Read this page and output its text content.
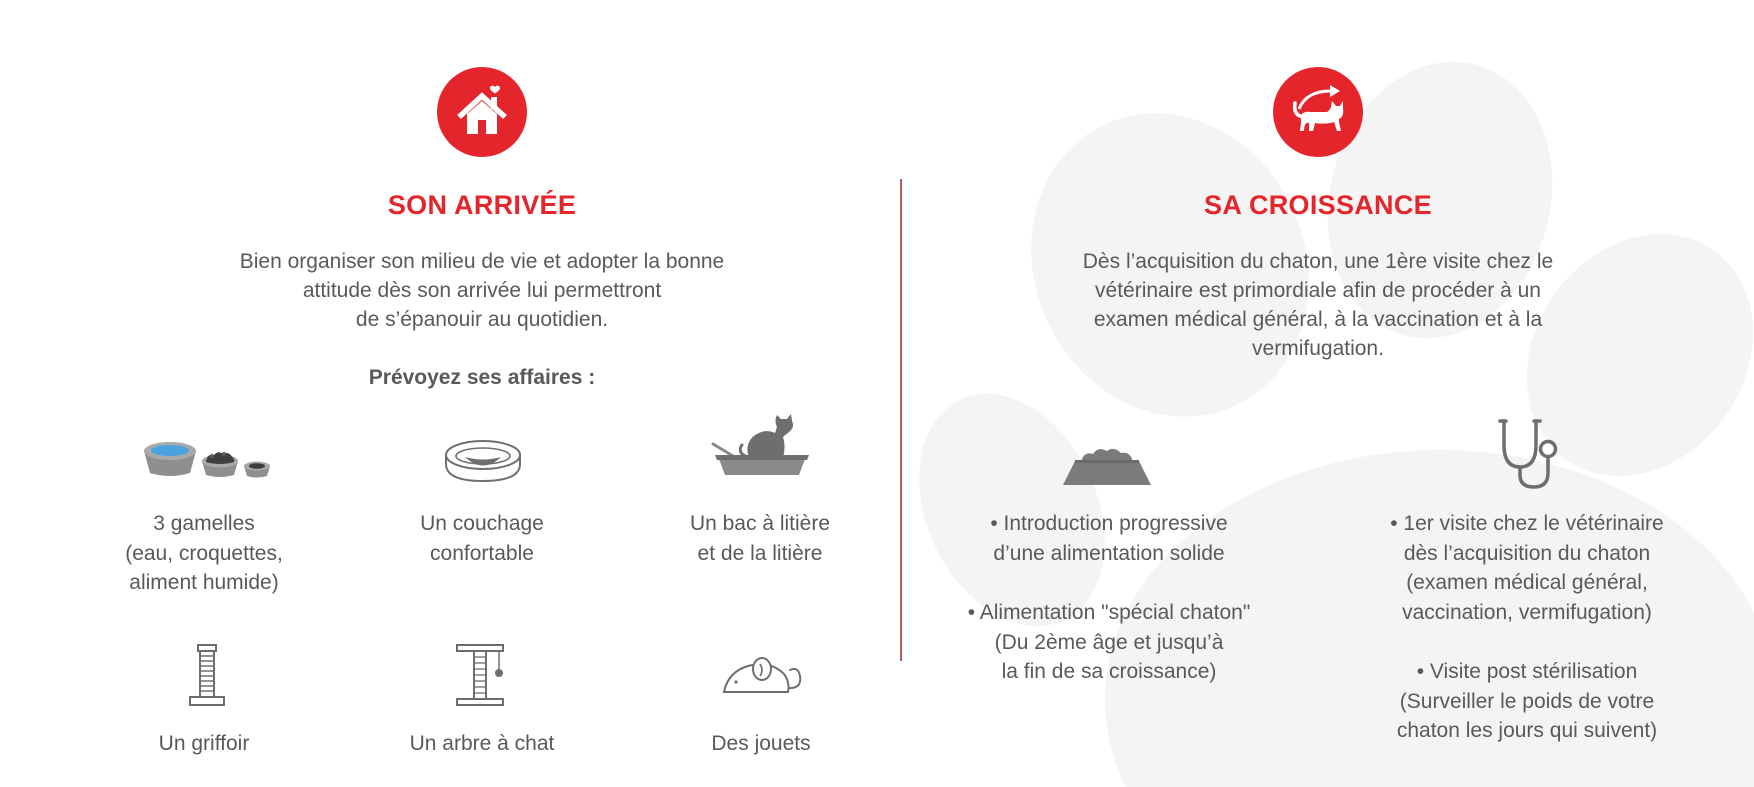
SON ARRIVÉE
Bien organiser son milieu de vie et adopter la bonne
attitude dès son arrivée lui permettront
de s’épanouir au quotidien.
Prévoyez ses affaires :
3 gamelles
(eau, croquettes,
aliment humide)
Un couchage
confortable
Un bac à litière
et de la litière
Un griffoir	Un arbre à chat	Des jouets
SA CROISSANCE
Dès l’acquisition du chaton, une 1ère visite chez le
vétérinaire est primordiale afin de procéder à un
examen médical général, à la vaccination et à la
vermifugation.
• Introduction progressive
d’une alimentation solide
• Alimentation "spécial chaton"
(Du 2ème âge et jusqu’à
la fin de sa croissance)
• 1er visite chez le vétérinaire
dès l’acquisition du chaton
(examen médical général,
vaccination, vermifugation)
• Visite post stérilisation
(Surveiller le poids de votre
chaton les jours qui suivent)
